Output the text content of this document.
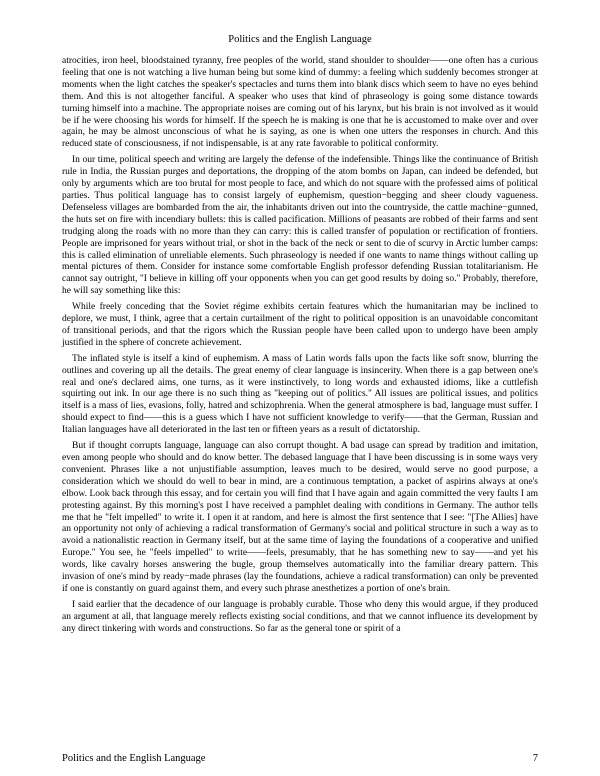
Politics and the English Language

atrocities, iron heel, bloodstained tyranny, free peoples of the world, stand shoulder to shoulder——one often has a curious feeling that one is not watching a live human being but some kind of dummy: a feeling which suddenly becomes stronger at moments when the light catches the speaker's spectacles and turns them into blank discs which seem to have no eyes behind them. And this is not altogether fanciful. A speaker who uses that kind of phraseology is going some distance towards turning himself into a machine. The appropriate noises are coming out of his larynx, but his brain is not involved as it would be if he were choosing his words for himself. If the speech he is making is one that he is accustomed to make over and over again, he may be almost unconscious of what he is saying, as one is when one utters the responses in church. And this reduced state of consciousness, if not indispensable, is at any rate favorable to political conformity.

In our time, political speech and writing are largely the defense of the indefensible. Things like the continuance of British rule in India, the Russian purges and deportations, the dropping of the atom bombs on Japan, can indeed be defended, but only by arguments which are too brutal for most people to face, and which do not square with the professed aims of political parties. Thus political language has to consist largely of euphemism, question−begging and sheer cloudy vagueness. Defenseless villages are bombarded from the air, the inhabitants driven out into the countryside, the cattle machine−gunned, the huts set on fire with incendiary bullets: this is called pacification. Millions of peasants are robbed of their farms and sent trudging along the roads with no more than they can carry: this is called transfer of population or rectification of frontiers. People are imprisoned for years without trial, or shot in the back of the neck or sent to die of scurvy in Arctic lumber camps: this is called elimination of unreliable elements. Such phraseology is needed if one wants to name things without calling up mental pictures of them. Consider for instance some comfortable English professor defending Russian totalitarianism. He cannot say outright, "I believe in killing off your opponents when you can get good results by doing so." Probably, therefore, he will say something like this:

While freely conceding that the Soviet régime exhibits certain features which the humanitarian may be inclined to deplore, we must, I think, agree that a certain curtailment of the right to political opposition is an unavoidable concomitant of transitional periods, and that the rigors which the Russian people have been called upon to undergo have been amply justified in the sphere of concrete achievement.

The inflated style is itself a kind of euphemism. A mass of Latin words falls upon the facts like soft snow, blurring the outlines and covering up all the details. The great enemy of clear language is insincerity. When there is a gap between one's real and one's declared aims, one turns, as it were instinctively, to long words and exhausted idioms, like a cuttlefish squirting out ink. In our age there is no such thing as "keeping out of politics." All issues are political issues, and politics itself is a mass of lies, evasions, folly, hatred and schizophrenia. When the general atmosphere is bad, language must suffer. I should expect to find——this is a guess which I have not sufficient knowledge to verify——that the German, Russian and Italian languages have all deteriorated in the last ten or fifteen years as a result of dictatorship.

But if thought corrupts language, language can also corrupt thought. A bad usage can spread by tradition and imitation, even among people who should and do know better. The debased language that I have been discussing is in some ways very convenient. Phrases like a not unjustifiable assumption, leaves much to be desired, would serve no good purpose, a consideration which we should do well to bear in mind, are a continuous temptation, a packet of aspirins always at one's elbow. Look back through this essay, and for certain you will find that I have again and again committed the very faults I am protesting against. By this morning's post I have received a pamphlet dealing with conditions in Germany. The author tells me that he "felt impelled" to write it. I open it at random, and here is almost the first sentence that I see: "[The Allies] have an opportunity not only of achieving a radical transformation of Germany's social and political structure in such a way as to avoid a nationalistic reaction in Germany itself, but at the same time of laying the foundations of a cooperative and unified Europe." You see, he "feels impelled" to write——feels, presumably, that he has something new to say——and yet his words, like cavalry horses answering the bugle, group themselves automatically into the familiar dreary pattern. This invasion of one's mind by ready−made phrases (lay the foundations, achieve a radical transformation) can only be prevented if one is constantly on guard against them, and every such phrase anesthetizes a portion of one's brain.

I said earlier that the decadence of our language is probably curable. Those who deny this would argue, if they produced an argument at all, that language merely reflects existing social conditions, and that we cannot influence its development by any direct tinkering with words and constructions. So far as the general tone or spirit of a

Politics and the English Language	7
